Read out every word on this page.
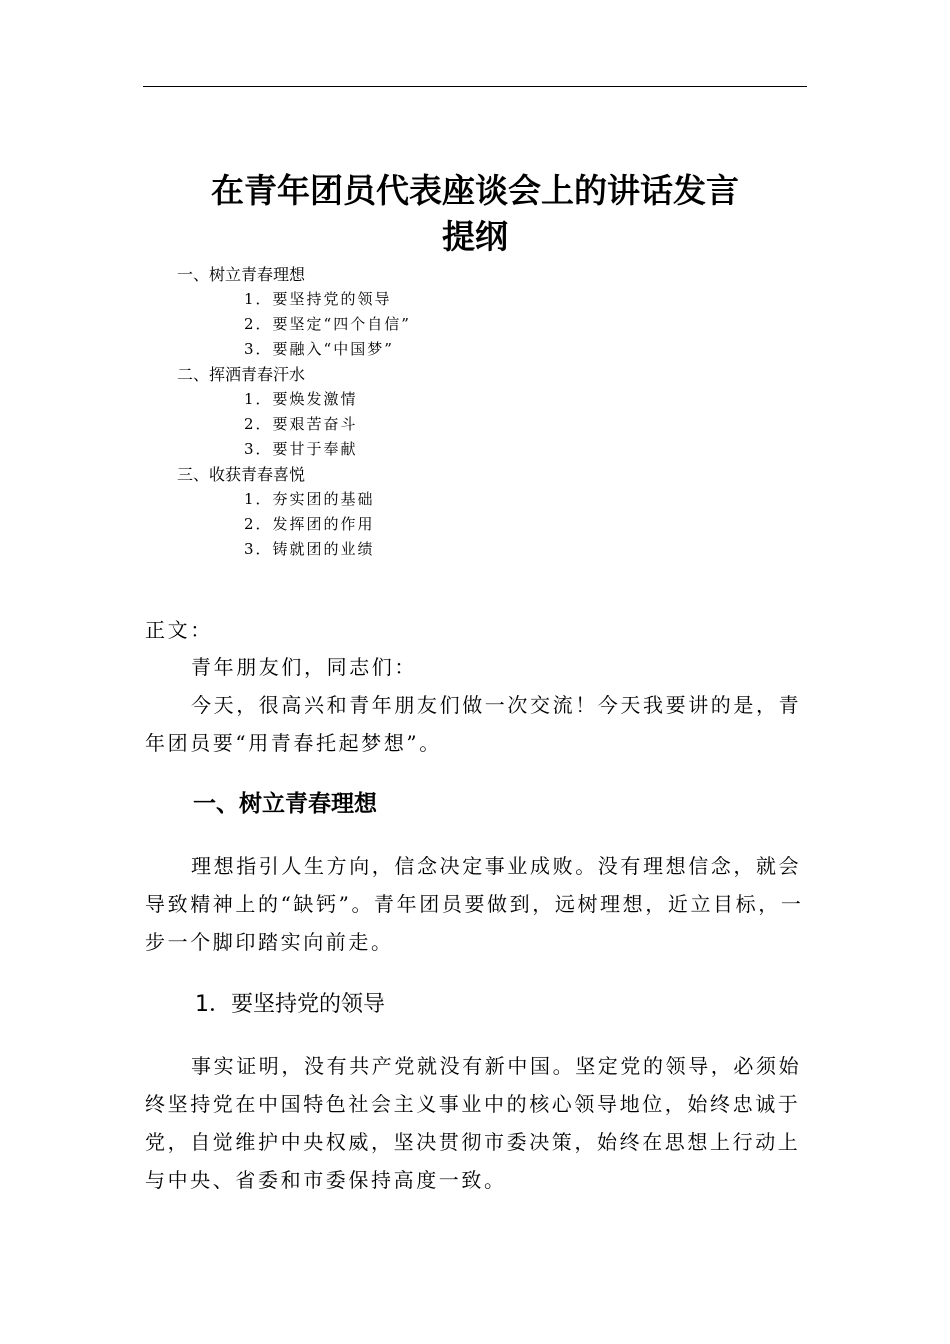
在青年团员代表座谈会上的讲话发言
提纲
一、树立青春理想
1．要坚持党的领导
2．要坚定“四个自信”
3．要融入“中国梦”
二、挥洒青春汗水
1．要焕发激情
2．要艰苦奋斗
3．要甘于奉献
三、收获青春喜悦
1．夯实团的基础
2．发挥团的作用
3．铸就团的业绩
正文：
青年朋友们，同志们：
今天，很高兴和青年朋友们做一次交流！今天我要讲的是，青年团员要“用青春托起梦想”。
一、树立青春理想
理想指引人生方向，信念决定事业成败。没有理想信念，就会导致精神上的“缺钙”。青年团员要做到，远树理想，近立目标，一步一个脚印踏实向前走。
1．要坚持党的领导
事实证明，没有共产党就没有新中国。坚定党的领导，必须始终坚持党在中国特色社会主义事业中的核心领导地位，始终忠诚于党，自觉维护中央权威，坚决贯彻市委决策，始终在思想上行动上与中央、省委和市委保持高度一致。
